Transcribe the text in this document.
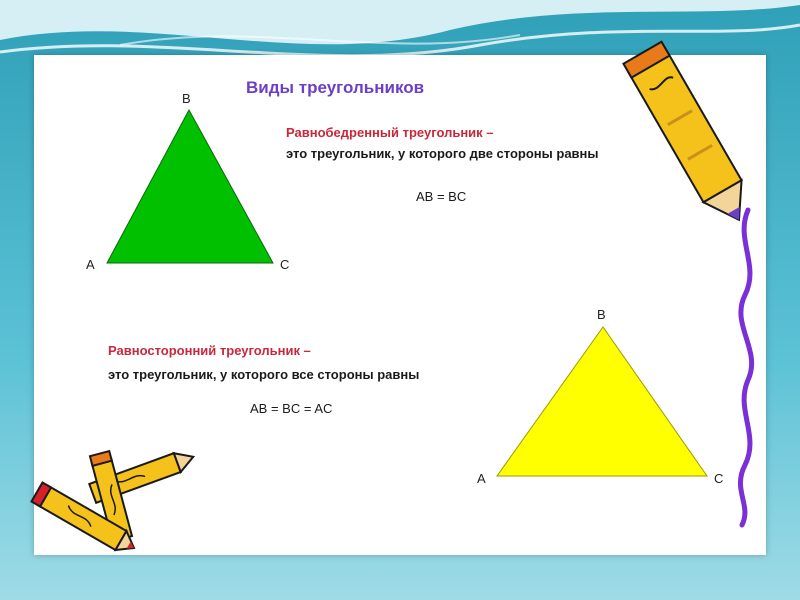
Виды треугольников
Равнобедренный треугольник –
это треугольник, у которого две стороны равны
AB = BC
Равносторонний треугольник –
это треугольник, у которого все стороны равны
AB = BC = AC
B
A	C
B
A	C
